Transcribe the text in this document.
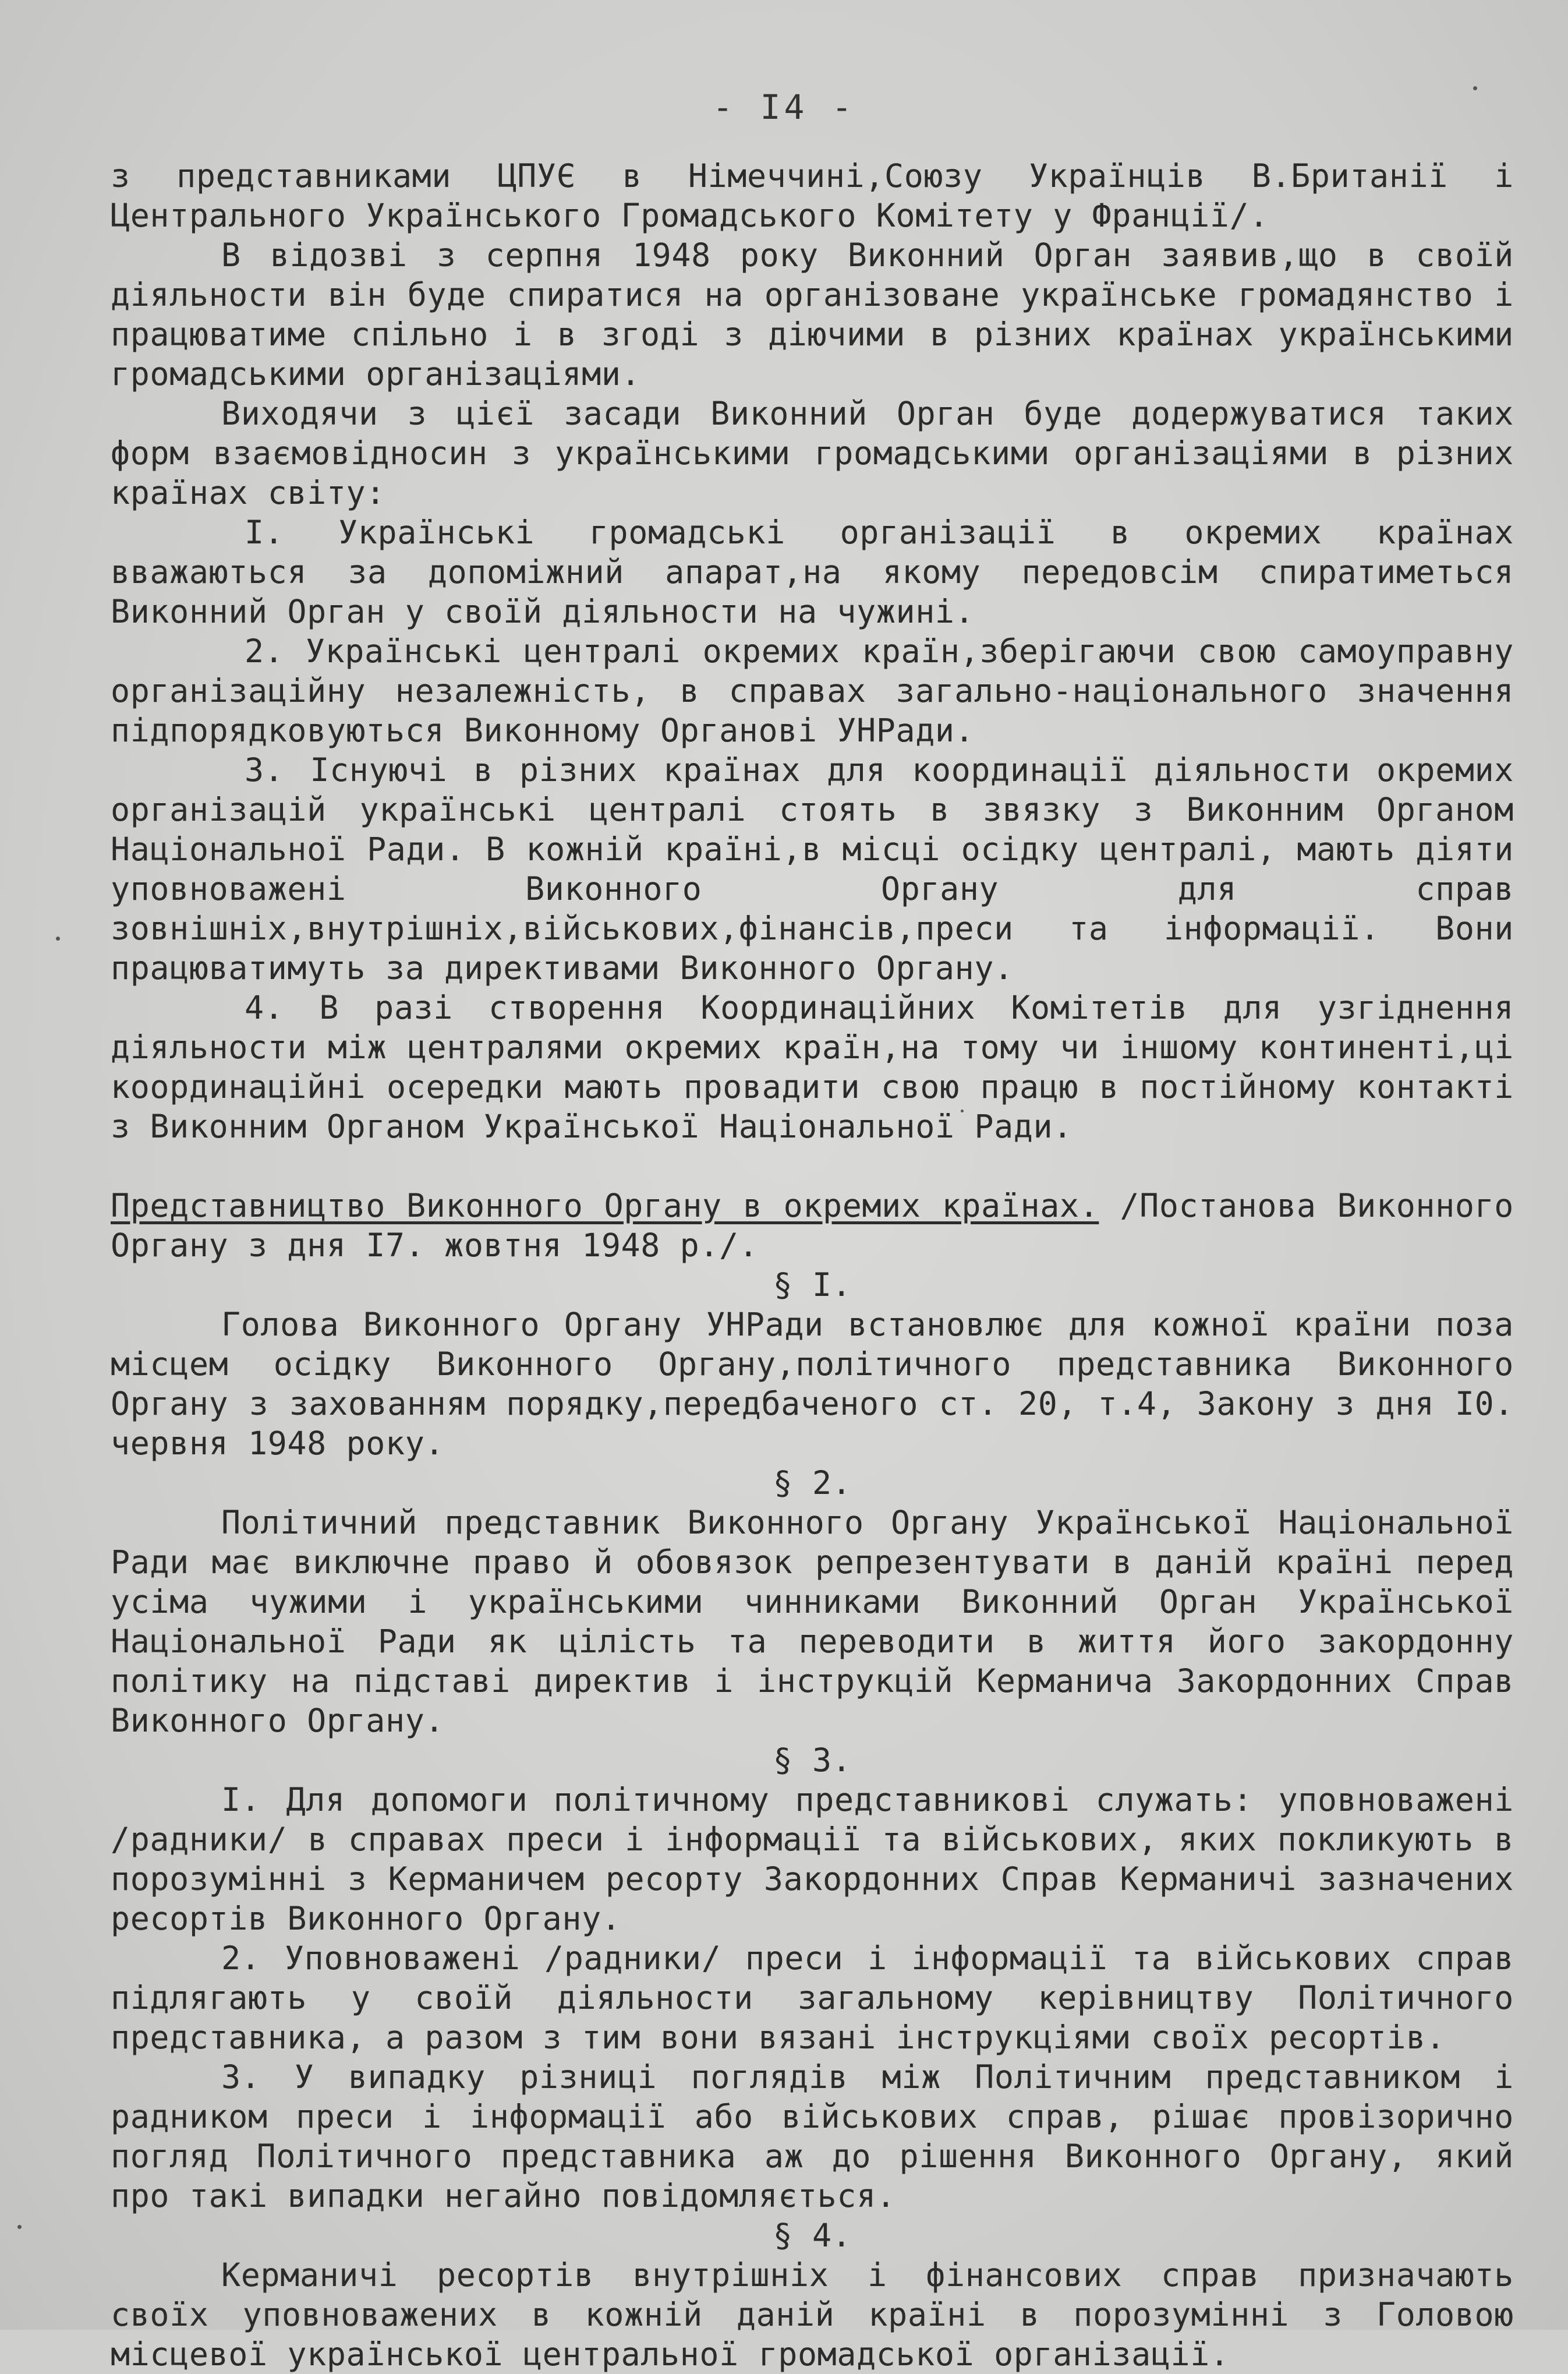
- I4 -

з представниками ЦПУЄ в Німеччині,Союзу Українців В.Британії і Центрального Українського Громадського Комітету у Франції/.

В відозві з серпня 1948 року Виконний Орган заявив,що в своїй діяльности він буде спиратися на організоване українське громадянство і працюватиме спільно і в згоді з діючими в різних країнах українськими громадськими організаціями.

Виходячи з цієї засади Виконний Орган буде додержуватися таких форм взаємовідносин з українськими громадськими організаціями в різних країнах світу:

I. Українські громадські організації в окремих країнах вважаються за допоміжний апарат,на якому передовсім спиратиметься Виконний Орган у своїй діяльности на чужині.

2. Українські централі окремих країн,зберігаючи свою самоуправну організаційну незалежність, в справах загально-національного значення підпорядковуються Виконному Органові УНРади.

3. Існуючі в різних країнах для координації діяльности окремих організацій українські централі стоять в звязку з Виконним Органом Національної Ради. В кожній країні,в місці осідку централі, мають діяти уповноважені Виконного Органу для справ зовнішніх,внутрішніх,військових,фінансів,преси та інформації. Вони працюватимуть за директивами Виконного Органу.

4. В разі створення Координаційних Комітетів для узгіднення діяльности між централями окремих країн,на тому чи іншому континенті,ці координаційні осередки мають провадити свою працю в постійному контакті з Виконним Органом Української Національної Ради.

Представництво Виконного Органу в окремих країнах. /Постанова Виконного Органу з дня I7. жовтня 1948 р./.

§ I.

Голова Виконного Органу УНРади встановлює для кожної країни поза місцем осідку Виконного Органу,політичного представника Виконного Органу з захованням порядку,передбаченого ст. 20, т.4, Закону з дня I0. червня 1948 року.

§ 2.

Політичний представник Виконного Органу Української Національної Ради має виключне право й обовязок репрезентувати в даній країні перед усіма чужими і українськими чинниками Виконний Орган Української Національної Ради як цілість та переводити в життя його закордонну політику на підставі директив і інструкцій Керманича Закордонних Справ Виконного Органу.

§ 3.

I. Для допомоги політичному представникові служать: уповноважені /радники/ в справах преси і інформації та військових, яких покликують в порозумінні з Керманичем ресорту Закордонних Справ Керманичі зазначених ресортів Виконного Органу.

2. Уповноважені /радники/ преси і інформації та військових справ підлягають у своїй діяльности загальному керівництву Політичного представника, а разом з тим вони вязані інструкціями своїх ресортів.

3. У випадку різниці поглядів між Політичним представником і радником преси і інформації або військових справ, рішає провізорично погляд Політичного представника аж до рішення Виконного Органу, який про такі випадки негайно повідомляється.

§ 4.

Керманичі ресортів внутрішніх і фінансових справ призначають своїх уповноважених в кожній даній країні в порозумінні з Головою місцевої української центральної громадської організації.
